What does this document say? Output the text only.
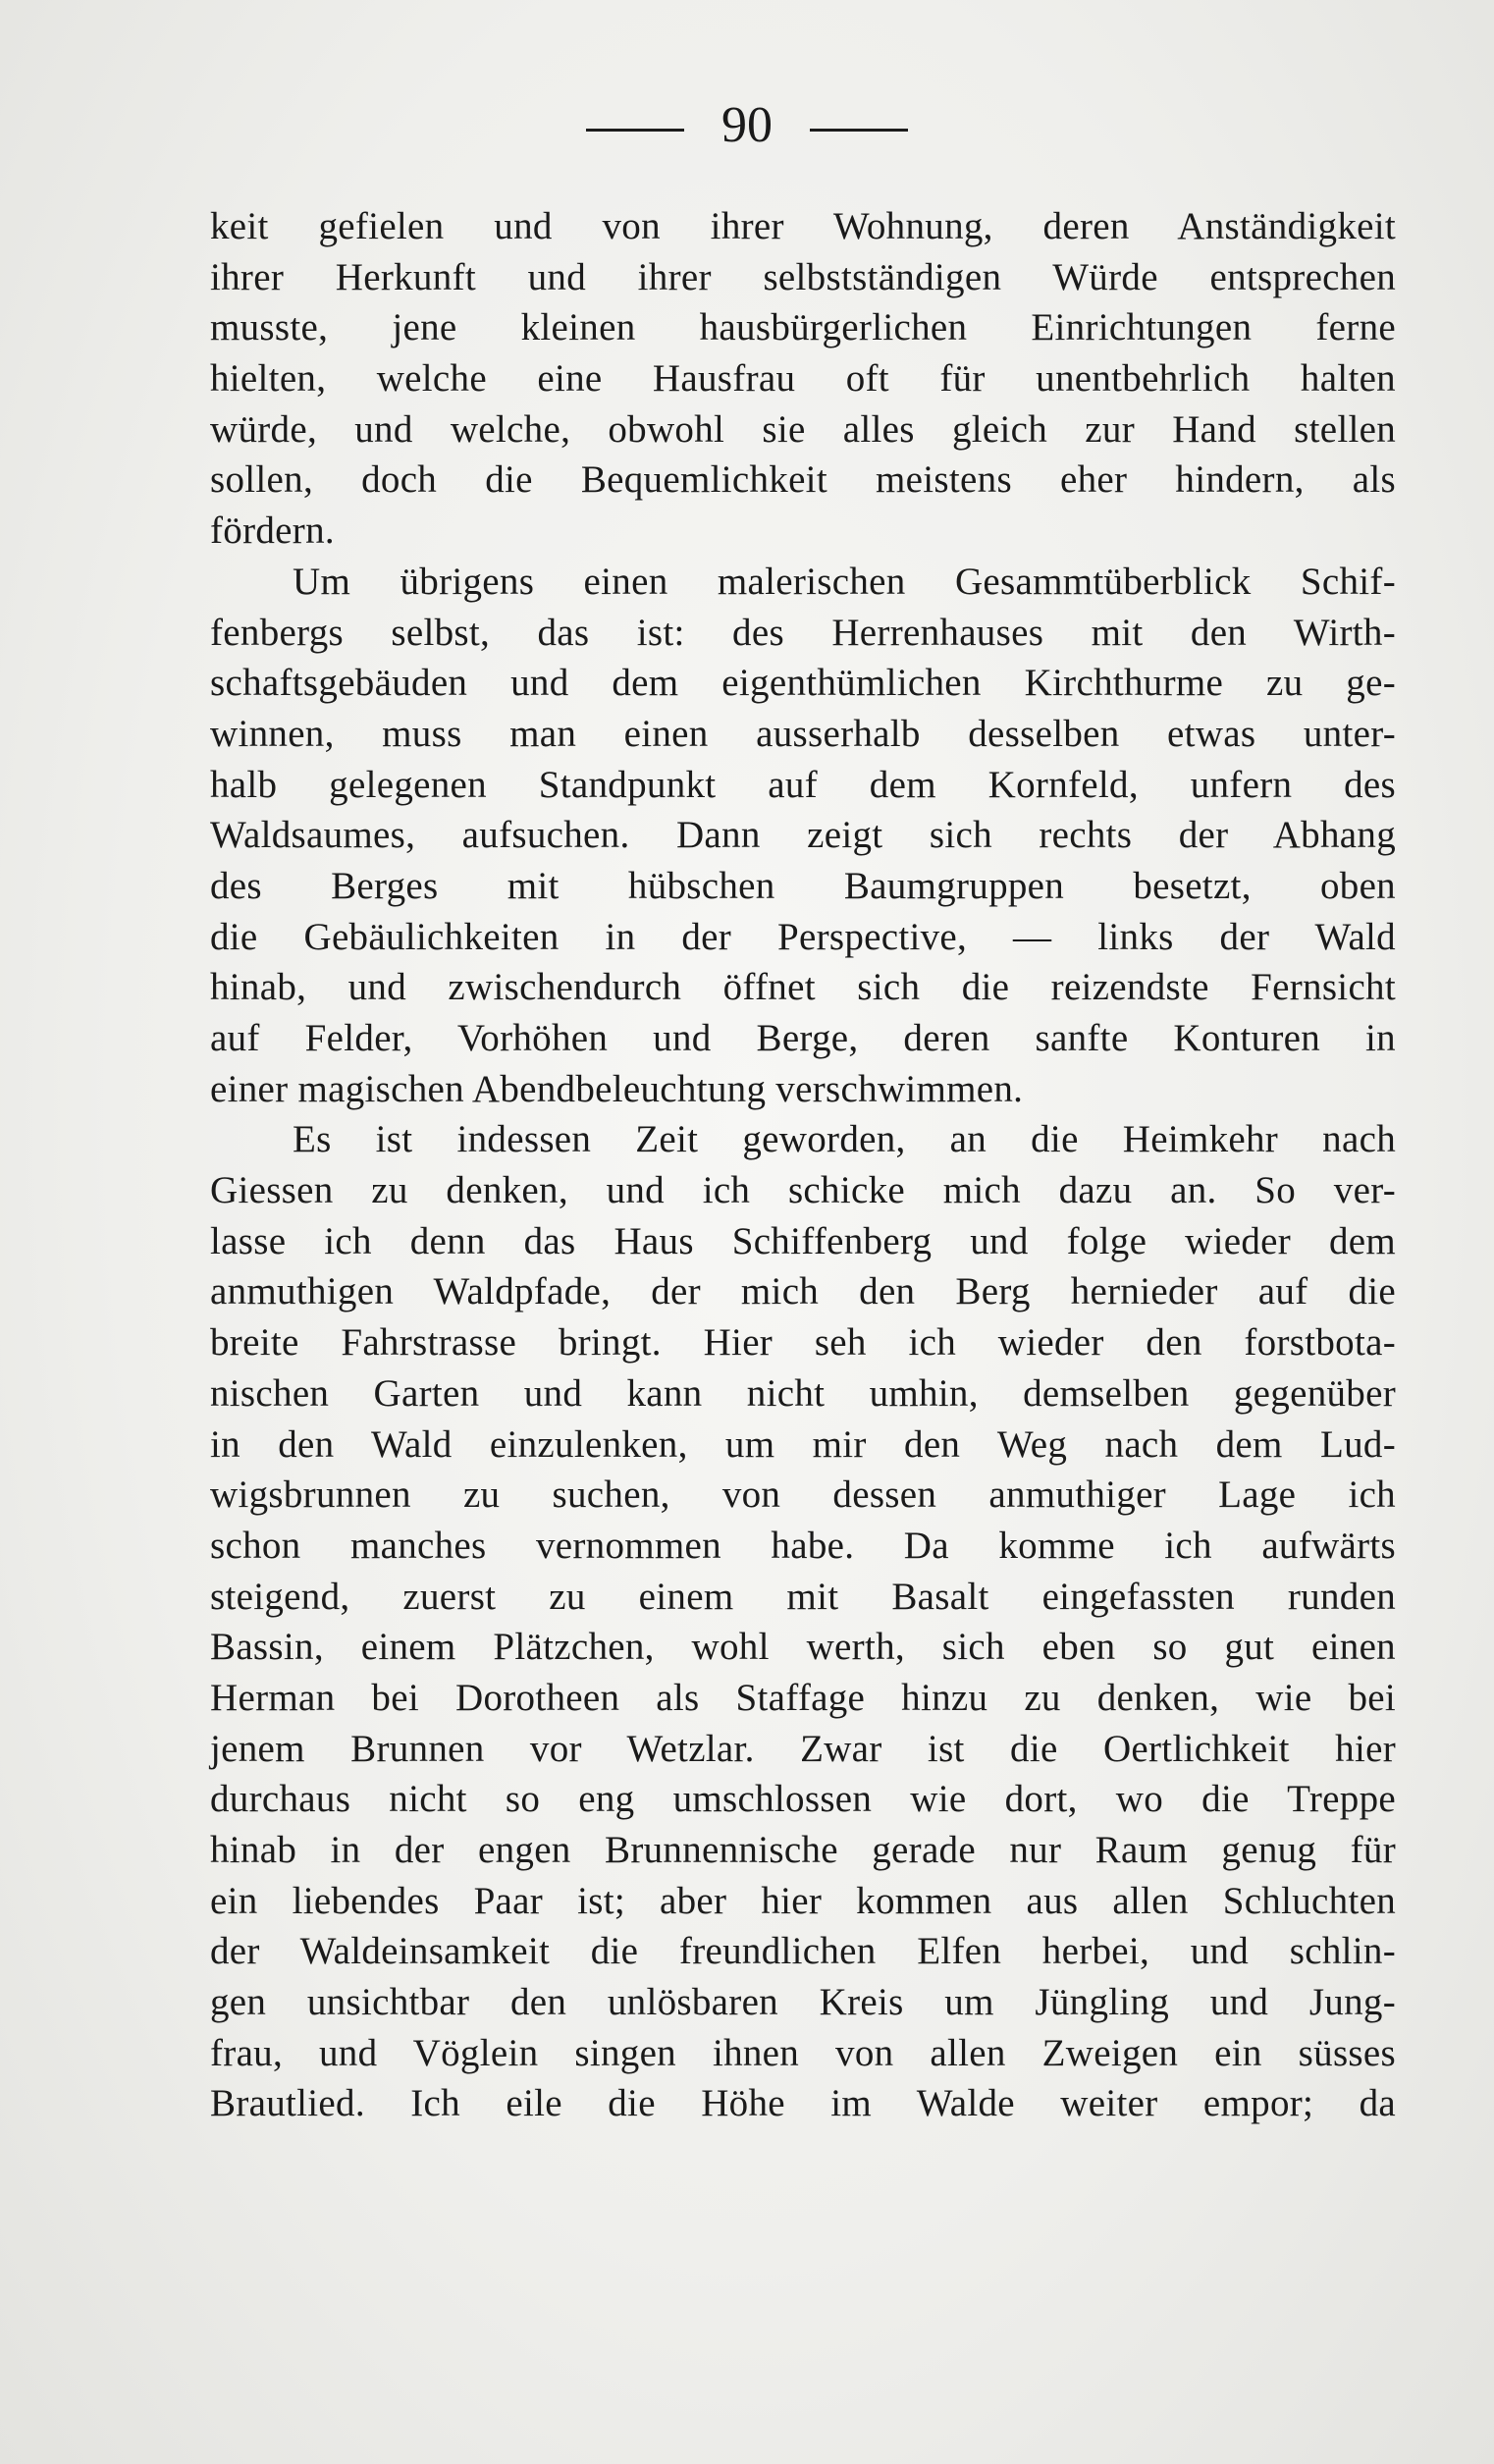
90
keit gefielen und von ihrer Wohnung, deren Anständigkeit
ihrer Herkunft und ihrer selbstständigen Würde entsprechen
musste, jene kleinen hausbürgerlichen Einrichtungen ferne
hielten, welche eine Hausfrau oft für unentbehrlich halten
würde, und welche, obwohl sie alles gleich zur Hand stellen
sollen, doch die Bequemlichkeit meistens eher hindern, als
fördern.
Um übrigens einen malerischen Gesammtüberblick Schif-
fenbergs selbst, das ist: des Herrenhauses mit den Wirth-
schaftsgebäuden und dem eigenthümlichen Kirchthurme zu ge-
winnen, muss man einen ausserhalb desselben etwas unter-
halb gelegenen Standpunkt auf dem Kornfeld, unfern des
Waldsaumes, aufsuchen. Dann zeigt sich rechts der Abhang
des Berges mit hübschen Baumgruppen besetzt, oben
die Gebäulichkeiten in der Perspective, — links der Wald
hinab, und zwischendurch öffnet sich die reizendste Fernsicht
auf Felder, Vorhöhen und Berge, deren sanfte Konturen in
einer magischen Abendbeleuchtung verschwimmen.
Es ist indessen Zeit geworden, an die Heimkehr nach
Giessen zu denken, und ich schicke mich dazu an. So ver-
lasse ich denn das Haus Schiffenberg und folge wieder dem
anmuthigen Waldpfade, der mich den Berg hernieder auf die
breite Fahrstrasse bringt. Hier seh ich wieder den forstbota-
nischen Garten und kann nicht umhin, demselben gegenüber
in den Wald einzulenken, um mir den Weg nach dem Lud-
wigsbrunnen zu suchen, von dessen anmuthiger Lage ich
schon manches vernommen habe. Da komme ich aufwärts
steigend, zuerst zu einem mit Basalt eingefassten runden
Bassin, einem Plätzchen, wohl werth, sich eben so gut einen
Herman bei Dorotheen als Staffage hinzu zu denken, wie bei
jenem Brunnen vor Wetzlar. Zwar ist die Oertlichkeit hier
durchaus nicht so eng umschlossen wie dort, wo die Treppe
hinab in der engen Brunnennische gerade nur Raum genug für
ein liebendes Paar ist; aber hier kommen aus allen Schluchten
der Waldeinsamkeit die freundlichen Elfen herbei, und schlin-
gen unsichtbar den unlösbaren Kreis um Jüngling und Jung-
frau, und Vöglein singen ihnen von allen Zweigen ein süsses
Brautlied. Ich eile die Höhe im Walde weiter empor; da
